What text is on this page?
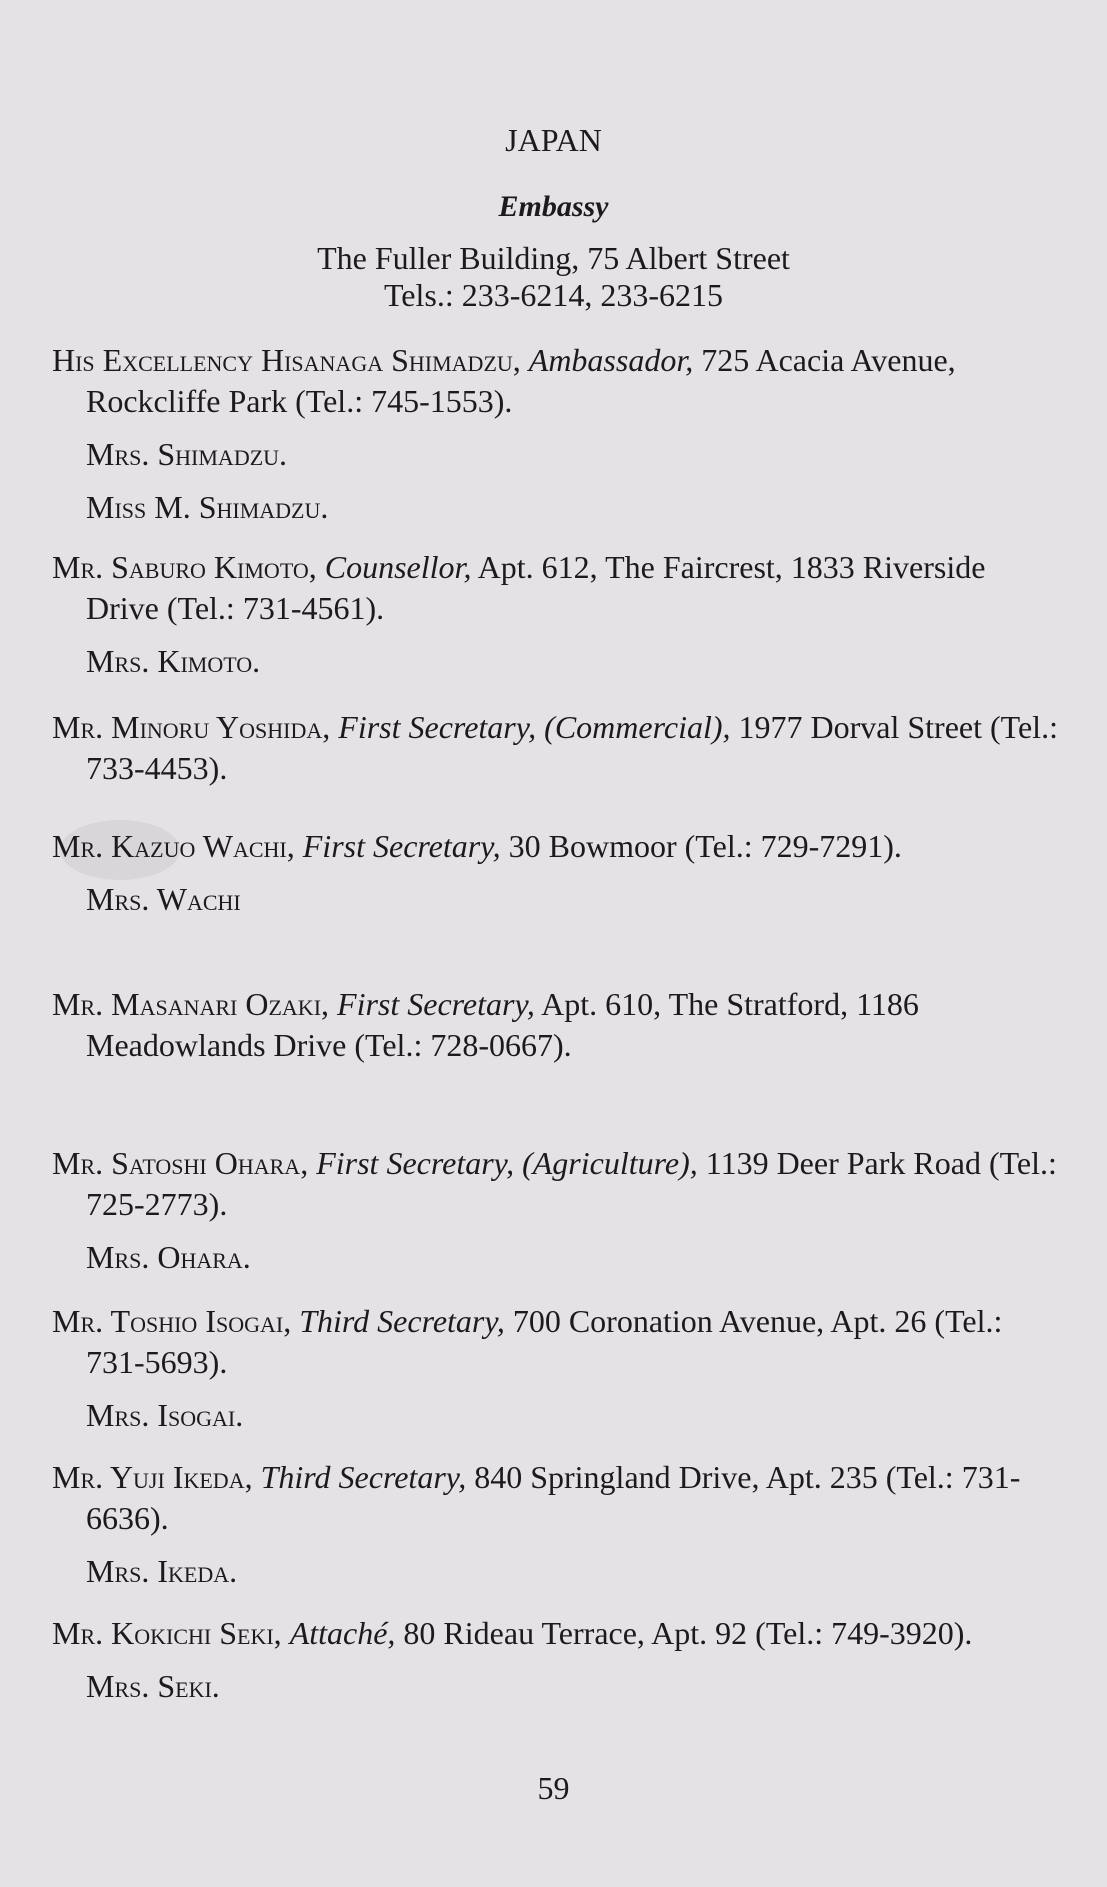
JAPAN
Embassy
The Fuller Building, 75 Albert Street
Tels.: 233-6214, 233-6215

His Excellency Hisanaga Shimadzu, Ambassador, 725 Acacia Avenue, Rockcliffe Park (Tel.: 745-1553).

Mrs. Shimadzu.

Miss M. Shimadzu.

Mr. Saburo Kimoto, Counsellor, Apt. 612, The Faircrest, 1833 Riverside Drive (Tel.: 731-4561).

Mrs. Kimoto.

Mr. Minoru Yoshida, First Secretary, (Commercial), 1977 Dorval Street (Tel.: 733-4453).

Mr. Kazuo Wachi, First Secretary, 30 Bowmoor (Tel.: 729-7291).

Mrs. Wachi

Mr. Masanari Ozaki, First Secretary, Apt. 610, The Stratford, 1186 Meadowlands Drive (Tel.: 728-0667).

Mr. Satoshi Ohara, First Secretary, (Agriculture), 1139 Deer Park Road (Tel.: 725-2773).

Mrs. Ohara.

Mr. Toshio Isogai, Third Secretary, 700 Coronation Avenue, Apt. 26 (Tel.: 731-5693).

Mrs. Isogai.

Mr. Yuji Ikeda, Third Secretary, 840 Springland Drive, Apt. 235 (Tel.: 731-6636).

Mrs. Ikeda.

Mr. Kokichi Seki, Attaché, 80 Rideau Terrace, Apt. 92 (Tel.: 749-3920).

Mrs. Seki.

59
